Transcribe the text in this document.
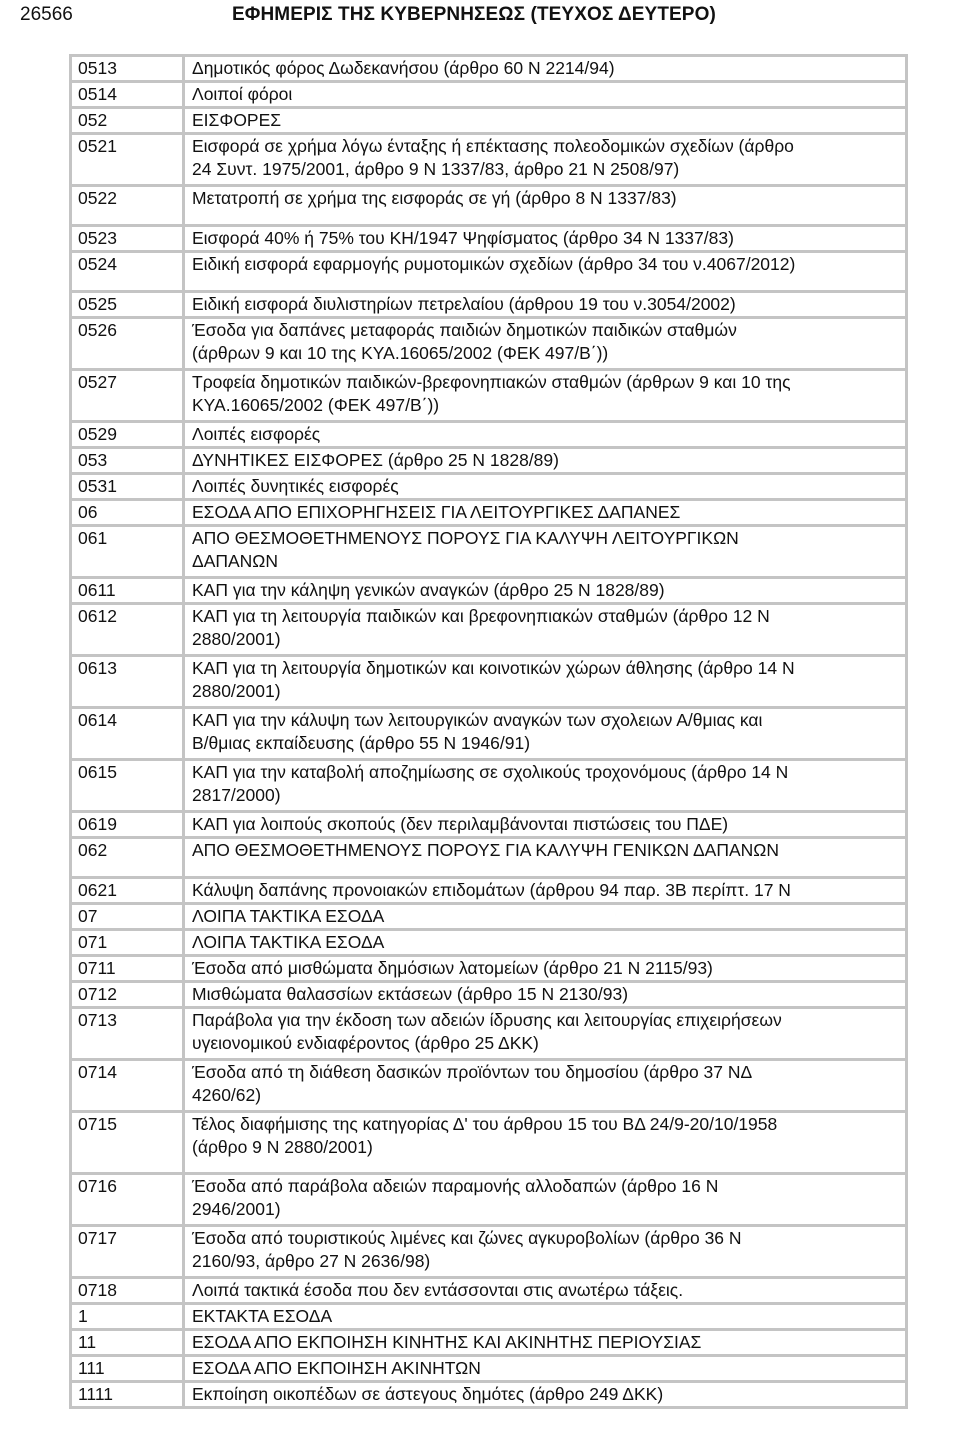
26566	ΕΦΗΜΕΡΙΣ ΤΗΣ ΚΥΒΕΡΝΗΣΕΩΣ (ΤΕΥΧΟΣ ΔΕΥΤΕΡΟ)
0513	Δημοτικός φόρος Δωδεκανήσου (άρθρο 60 Ν 2214/94)
0514	Λοιποί φόροι
052	ΕΙΣΦΟΡΕΣ
0521	Εισφορά σε χρήμα λόγω ένταξης ή επέκτασης πολεοδομικών σχεδίων (άρθρο
24 Συντ. 1975/2001, άρθρο 9 Ν 1337/83, άρθρο 21 Ν 2508/97)
0522	Μετατροπή σε χρήμα της εισφοράς σε γή (άρθρο 8 Ν 1337/83)
0523	Εισφορά 40% ή 75% του ΚΗ/1947 Ψηφίσματος (άρθρο 34 Ν 1337/83)
0524	Ειδική εισφορά εφαρμογής ρυμοτομικών σχεδίων (άρθρο 34 του ν.4067/2012)
0525	Ειδική εισφορά διυλιστηρίων πετρελαίου (άρθρου 19 του ν.3054/2002)
0526	Έσοδα για δαπάνες μεταφοράς παιδιών δημοτικών παιδικών σταθμών
(άρθρων 9 και 10 της ΚΥΑ.16065/2002 (ΦΕΚ 497/Β΄))
0527	Τροφεία δημοτικών παιδικών-βρεφονηπιακών σταθμών (άρθρων 9 και 10 της
ΚΥΑ.16065/2002 (ΦΕΚ 497/Β΄))
0529	Λοιπές εισφορές
053	ΔΥΝΗΤΙΚΕΣ ΕΙΣΦΟΡΕΣ (άρθρο 25 Ν 1828/89)
0531	Λοιπές δυνητικές εισφορές
06	ΕΣΟΔΑ ΑΠΟ ΕΠΙΧΟΡΗΓΗΣΕΙΣ ΓΙΑ ΛΕΙΤΟΥΡΓΙΚΕΣ ΔΑΠΑΝΕΣ
061	ΑΠΟ ΘΕΣΜΟΘΕΤΗΜΕΝΟΥΣ ΠΟΡΟΥΣ ΓΙΑ ΚΑΛΥΨΗ ΛΕΙΤΟΥΡΓΙΚΩΝ
ΔΑΠΑΝΩΝ
0611	ΚΑΠ για την κάληψη γενικών αναγκών (άρθρο 25 Ν 1828/89)
0612	ΚΑΠ για τη λειτουργία παιδικών και βρεφονηπιακών σταθμών (άρθρο 12 Ν
2880/2001)
0613	ΚΑΠ για τη λειτουργία δημοτικών και κοινοτικών χώρων άθλησης (άρθρο 14 Ν
2880/2001)
0614	ΚΑΠ για την κάλυψη των λειτουργικών αναγκών των σχολειων Α/θμιας και
Β/θμιας εκπαίδευσης (άρθρο 55 Ν 1946/91)
0615	ΚΑΠ για την καταβολή αποζημίωσης σε σχολικούς τροχονόμους (άρθρο 14 Ν
2817/2000)
0619	ΚΑΠ για λοιπούς σκοπούς (δεν περιλαμβάνονται πιστώσεις του ΠΔΕ)
062	ΑΠΟ ΘΕΣΜΟΘΕΤΗΜΕΝΟΥΣ ΠΟΡΟΥΣ ΓΙΑ ΚΑΛΥΨΗ ΓΕΝΙΚΩΝ ΔΑΠΑΝΩΝ
0621	Κάλυψη δαπάνης προνοιακών επιδομάτων (άρθρου 94 παρ. 3Β περίπτ. 17 Ν
07	ΛΟΙΠΑ ΤΑΚΤΙΚΑ ΕΣΟΔΑ
071	ΛΟΙΠΑ ΤΑΚΤΙΚΑ ΕΣΟΔΑ
0711	Έσοδα από μισθώματα δημόσιων λατομείων (άρθρο 21 Ν 2115/93)
0712	Μισθώματα θαλασσίων εκτάσεων (άρθρο 15 Ν 2130/93)
0713	Παράβολα για την έκδοση των αδειών ίδρυσης και λειτουργίας επιχειρήσεων
υγειονομικού ενδιαφέροντος (άρθρο 25 ΔΚΚ)
0714	Έσοδα από τη διάθεση δασικών προϊόντων του δημοσίου (άρθρο 37 ΝΔ
4260/62)
0715	Τέλος διαφήμισης της κατηγορίας Δ' του άρθρου 15 του ΒΔ 24/9-20/10/1958
(άρθρο 9 Ν 2880/2001)
0716	Έσοδα από παράβολα αδειών παραμονής αλλοδαπών (άρθρο 16 Ν
2946/2001)
0717	Έσοδα από τουριστικούς λιμένες και ζώνες αγκυροβολίων (άρθρο 36 Ν
2160/93, άρθρο 27 Ν 2636/98)
0718	Λοιπά τακτικά έσοδα που δεν εντάσσονται στις ανωτέρω τάξεις.
1	ΕΚΤΑΚΤΑ ΕΣΟΔΑ
11	ΕΣΟΔΑ ΑΠΟ ΕΚΠΟΙΗΣΗ ΚΙΝΗΤΗΣ ΚΑΙ ΑΚΙΝΗΤΗΣ ΠΕΡΙΟΥΣΙΑΣ
111	ΕΣΟΔΑ ΑΠΟ ΕΚΠΟΙΗΣΗ ΑΚΙΝΗΤΩΝ
1111	Εκποίηση οικοπέδων σε άστεγους δημότες (άρθρο 249 ΔΚΚ)
